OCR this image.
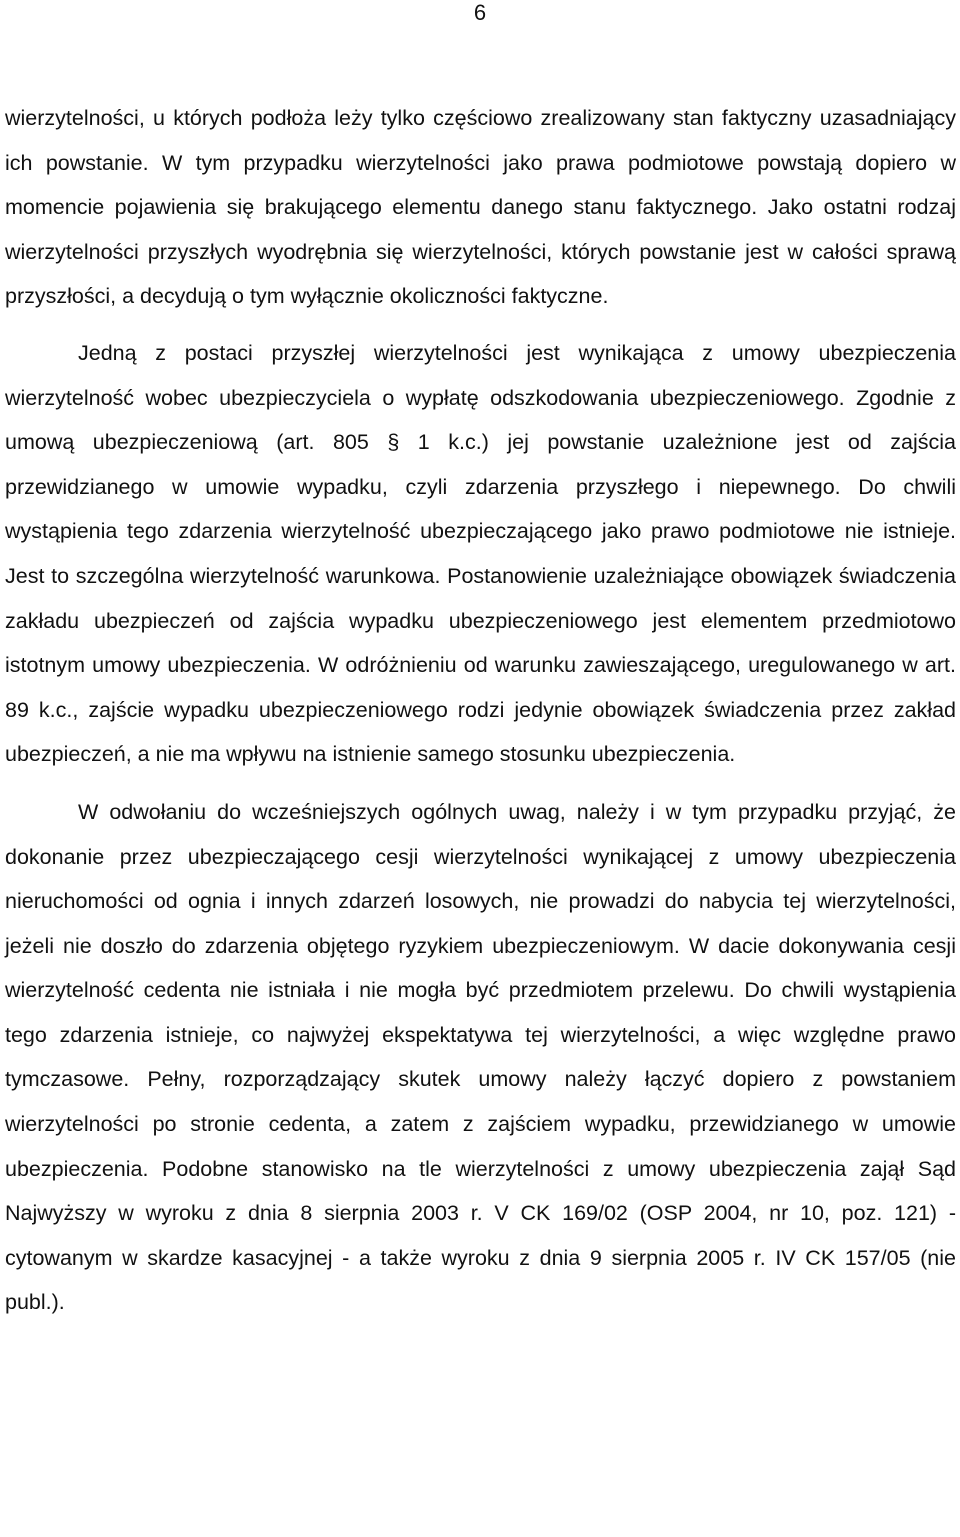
6

wierzytelności, u których podłoża leży tylko częściowo zrealizowany stan faktyczny uzasadniający ich powstanie. W tym przypadku wierzytelności jako prawa podmiotowe powstają dopiero w momencie pojawienia się brakującego elementu danego stanu faktycznego. Jako ostatni rodzaj wierzytelności przyszłych wyodrębnia się wierzytelności, których powstanie jest w całości sprawą przyszłości, a decydują o tym wyłącznie okoliczności faktyczne.

Jedną z postaci przyszłej wierzytelności jest wynikająca z umowy ubezpieczenia wierzytelność wobec ubezpieczyciela o wypłatę odszkodowania ubezpieczeniowego. Zgodnie z umową ubezpieczeniową (art. 805 § 1 k.c.) jej powstanie uzależnione jest od zajścia przewidzianego w umowie wypadku, czyli zdarzenia przyszłego i niepewnego. Do chwili wystąpienia tego zdarzenia wierzytelność ubezpieczającego jako prawo podmiotowe nie istnieje. Jest to szczególna wierzytelność warunkowa. Postanowienie uzależniające obowiązek świadczenia zakładu ubezpieczeń od zajścia wypadku ubezpieczeniowego jest elementem przedmiotowo istotnym umowy ubezpieczenia. W odróżnieniu od warunku zawieszającego, uregulowanego w art. 89 k.c., zajście wypadku ubezpieczeniowego rodzi jedynie obowiązek świadczenia przez zakład ubezpieczeń, a nie ma wpływu na istnienie samego stosunku ubezpieczenia.

W odwołaniu do wcześniejszych ogólnych uwag, należy i w tym przypadku przyjąć, że dokonanie przez ubezpieczającego cesji wierzytelności wynikającej z umowy ubezpieczenia nieruchomości od ognia i innych zdarzeń losowych, nie prowadzi do nabycia tej wierzytelności, jeżeli nie doszło do zdarzenia objętego ryzykiem ubezpieczeniowym. W dacie dokonywania cesji wierzytelność cedenta nie istniała i nie mogła być przedmiotem przelewu. Do chwili wystąpienia tego zdarzenia istnieje, co najwyżej ekspektatywa tej wierzytelności, a więc względne prawo tymczasowe. Pełny, rozporządzający skutek umowy należy łączyć dopiero z powstaniem wierzytelności po stronie cedenta, a zatem z zajściem wypadku, przewidzianego w umowie ubezpieczenia. Podobne stanowisko na tle wierzytelności z umowy ubezpieczenia zajął Sąd Najwyższy w wyroku z dnia 8 sierpnia 2003 r. V CK 169/02 (OSP 2004, nr 10, poz. 121) - cytowanym w skardze kasacyjnej - a także wyroku z dnia 9 sierpnia 2005 r. IV CK 157/05 (nie publ.).
